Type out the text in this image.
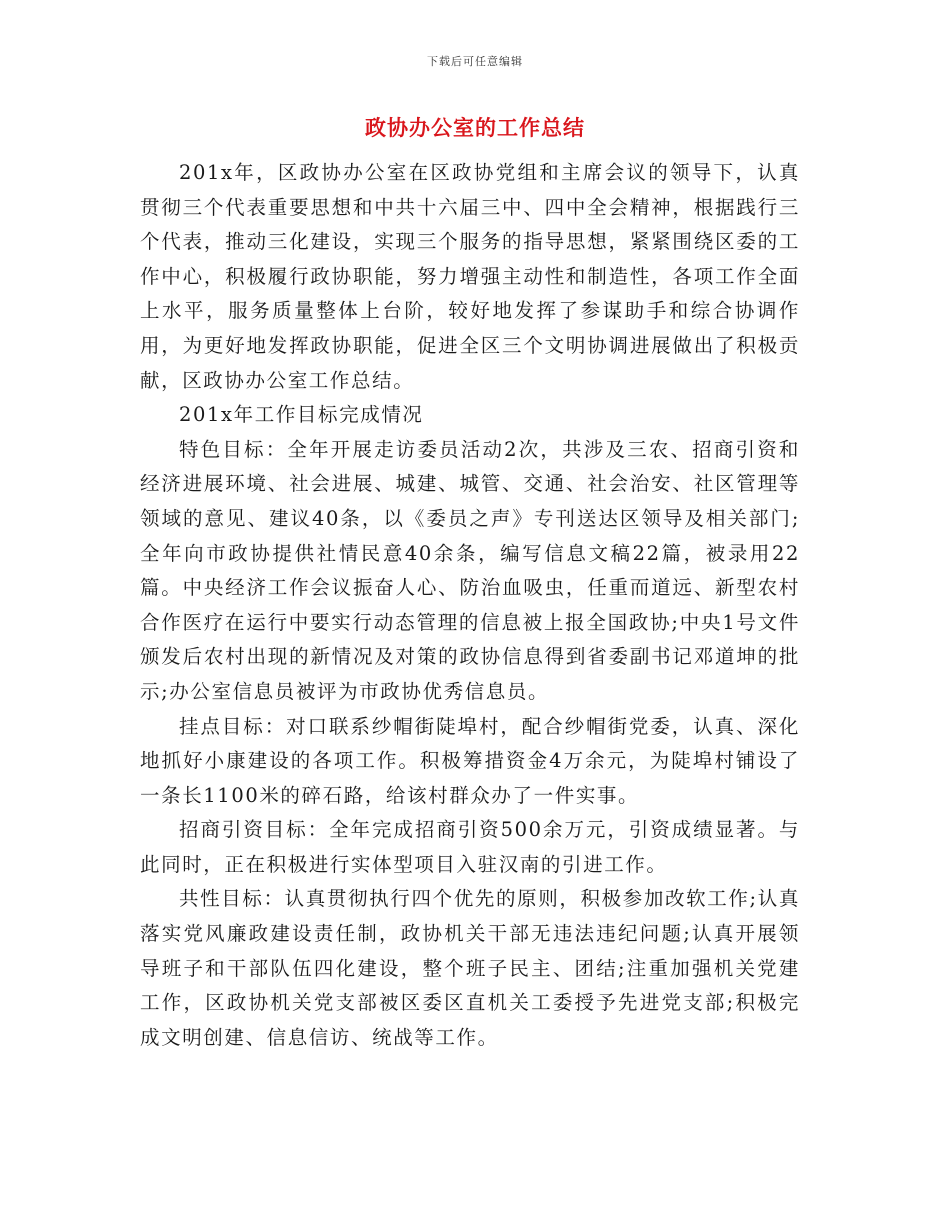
下载后可任意编辑
政协办公室的工作总结

201x年，区政协办公室在区政协党组和主席会议的领导下，认真贯彻三个代表重要思想和中共十六届三中、四中全会精神，根据践行三个代表，推动三化建设，实现三个服务的指导思想，紧紧围绕区委的工作中心，积极履行政协职能，努力增强主动性和制造性，各项工作全面上水平，服务质量整体上台阶，较好地发挥了参谋助手和综合协调作用，为更好地发挥政协职能，促进全区三个文明协调进展做出了积极贡献，区政协办公室工作总结。

201x年工作目标完成情况

特色目标：全年开展走访委员活动2次，共涉及三农、招商引资和经济进展环境、社会进展、城建、城管、交通、社会治安、社区管理等领域的意见、建议40条，以《委员之声》专刊送达区领导及相关部门;全年向市政协提供社情民意40余条，编写信息文稿22篇，被录用22篇。中央经济工作会议振奋人心、防治血吸虫，任重而道远、新型农村合作医疗在运行中要实行动态管理的信息被上报全国政协;中央1号文件颁发后农村出现的新情况及对策的政协信息得到省委副书记邓道坤的批示;办公室信息员被评为市政协优秀信息员。

挂点目标：对口联系纱帽街陡埠村，配合纱帽街党委，认真、深化地抓好小康建设的各项工作。积极筹措资金4万余元，为陡埠村铺设了一条长1100米的碎石路，给该村群众办了一件实事。

招商引资目标：全年完成招商引资500余万元，引资成绩显著。与此同时，正在积极进行实体型项目入驻汉南的引进工作。

共性目标：认真贯彻执行四个优先的原则，积极参加改软工作;认真落实党风廉政建设责任制，政协机关干部无违法违纪问题;认真开展领导班子和干部队伍四化建设，整个班子民主、团结;注重加强机关党建工作，区政协机关党支部被区委区直机关工委授予先进党支部;积极完成文明创建、信息信访、统战等工作。
